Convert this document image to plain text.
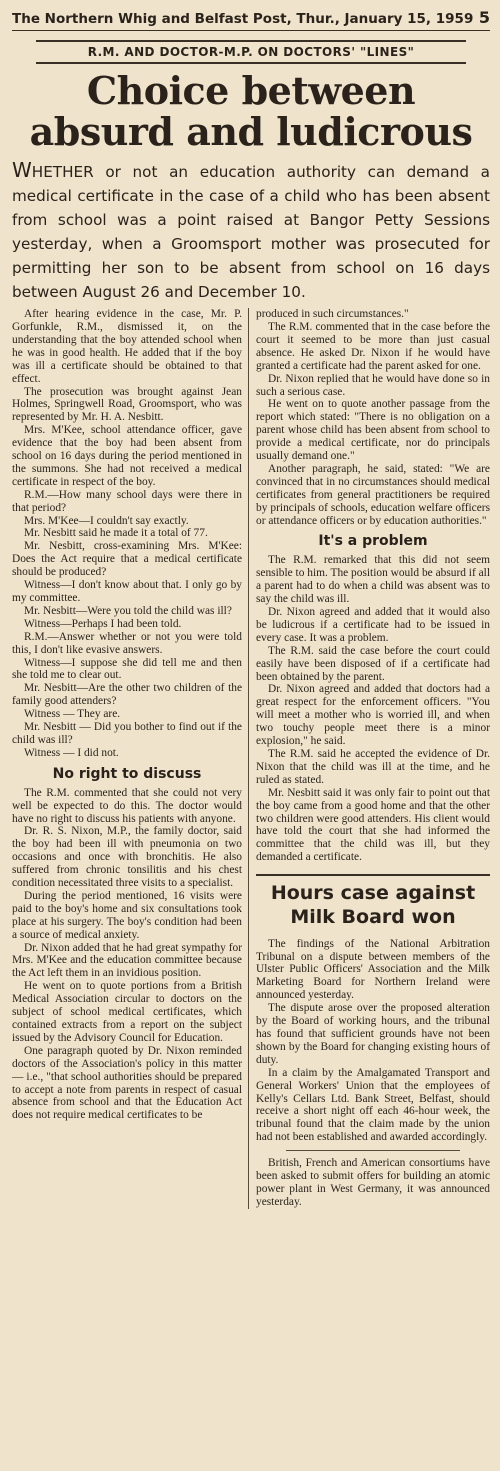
The Northern Whig and Belfast Post, Thur., January 15, 1959 5
R.M. AND DOCTOR-M.P. ON DOCTORS' "LINES"
Choice between absurd and ludicrous

WHETHER or not an education authority can demand a medical certificate in the case of a child who has been absent from school was a point raised at Bangor Petty Sessions yesterday, when a Groomsport mother was prosecuted for permitting her son to be absent from school on 16 days between August 26 and December 10.

After hearing evidence in the case, Mr. P. Gorfunkle, R.M., dismissed it, on the understanding that the boy attended school when he was in good health. He added that if the boy was ill a certificate should be obtained to that effect.

The prosecution was brought against Jean Holmes, Springwell Road, Groomsport, who was represented by Mr. H. A. Nesbitt.

Mrs. M'Kee, school attendance officer, gave evidence that the boy had been absent from school on 16 days during the period mentioned in the summons. She had not received a medical certificate in respect of the boy.

R.M.—How many school days were there in that period?

Mrs. M'Kee—I couldn't say exactly.

Mr. Nesbitt said he made it a total of 77.

Mr. Nesbitt, cross-examining Mrs. M'Kee: Does the Act require that a medical certificate should be produced?

Witness—I don't know about that. I only go by my committee.

Mr. Nesbitt—Were you told the child was ill?

Witness—Perhaps I had been told.

R.M.—Answer whether or not you were told this, I don't like evasive answers.

Witness—I suppose she did tell me and then she told me to clear out.

Mr. Nesbitt—Are the other two children of the family good attenders?

Witness — They are.

Mr. Nesbitt — Did you bother to find out if the child was ill?

Witness — I did not.

No right to discuss

The R.M. commented that she could not very well be expected to do this. The doctor would have no right to discuss his patients with anyone.

Dr. R. S. Nixon, M.P., the family doctor, said the boy had been ill with pneumonia on two occasions and once with bronchitis. He also suffered from chronic tonsilitis and his chest condition necessitated three visits to a specialist.

During the period mentioned, 16 visits were paid to the boy's home and six consultations took place at his surgery. The boy's condition had been a source of medical anxiety.

Dr. Nixon added that he had great sympathy for Mrs. M'Kee and the education committee because the Act left them in an invidious position.

He went on to quote portions from a British Medical Association circular to doctors on the subject of school medical certificates, which contained extracts from a report on the subject issued by the Advisory Council for Education.

One paragraph quoted by Dr. Nixon reminded doctors of the Association's policy in this matter — i.e., "that school authorities should be prepared to accept a note from parents in respect of casual absence from school and that the Education Act does not require medical certificates to be

produced in such circumstances."

The R.M. commented that in the case before the court it seemed to be more than just casual absence. He asked Dr. Nixon if he would have granted a certificate had the parent asked for one.

Dr. Nixon replied that he would have done so in such a serious case.

He went on to quote another passage from the report which stated: "There is no obligation on a parent whose child has been absent from school to provide a medical certificate, nor do principals usually demand one."

Another paragraph, he said, stated: "We are convinced that in no circumstances should medical certificates from general practitioners be required by principals of schools, education welfare officers or attendance officers or by education authorities."

It's a problem

The R.M. remarked that this did not seem sensible to him. The position would be absurd if all a parent had to do when a child was absent was to say the child was ill.

Dr. Nixon agreed and added that it would also be ludicrous if a certificate had to be issued in every case. It was a problem.

The R.M. said the case before the court could easily have been disposed of if a certificate had been obtained by the parent.

Dr. Nixon agreed and added that doctors had a great respect for the enforcement officers. "You will meet a mother who is worried ill, and when two touchy people meet there is a minor explosion," he said.

The R.M. said he accepted the evidence of Dr. Nixon that the child was ill at the time, and he ruled as stated.

Mr. Nesbitt said it was only fair to point out that the boy came from a good home and that the other two children were good attenders. His client would have told the court that she had informed the committee that the child was ill, but they demanded a certificate.

Hours case against Milk Board won

The findings of the National Arbitration Tribunal on a dispute between members of the Ulster Public Officers' Association and the Milk Marketing Board for Northern Ireland were announced yesterday.

The dispute arose over the proposed alteration by the Board of working hours, and the tribunal has found that sufficient grounds have not been shown by the Board for changing existing hours of duty.

In a claim by the Amalgamated Transport and General Workers' Union that the employees of Kelly's Cellars Ltd. Bank Street, Belfast, should receive a short night off each 46-hour week, the tribunal found that the claim made by the union had not been established and awarded accordingly.

British, French and American consortiums have been asked to submit offers for building an atomic power plant in West Germany, it was announced yesterday.
